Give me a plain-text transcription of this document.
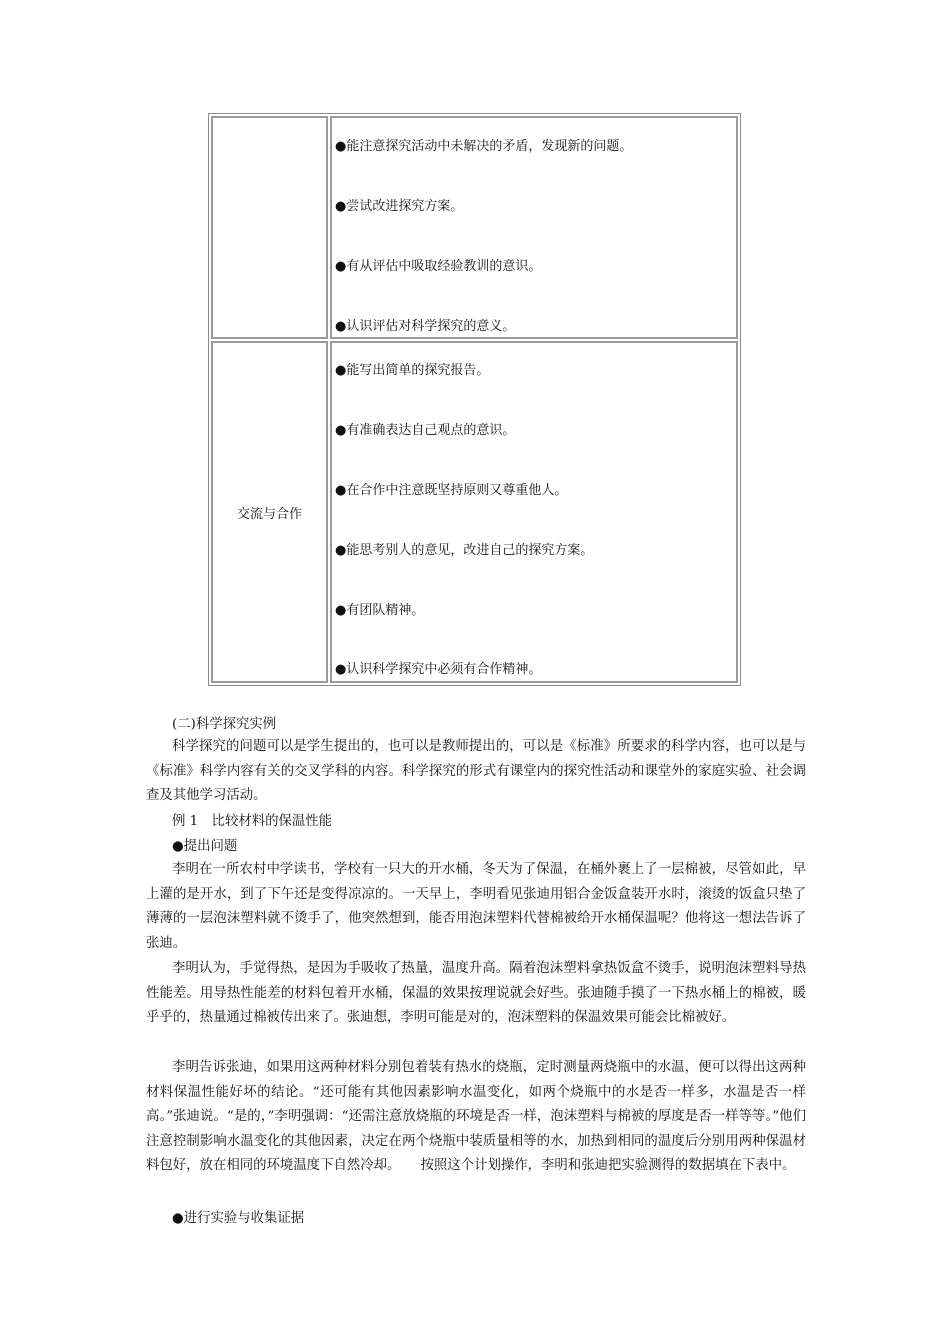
●能注意探究活动中未解决的矛盾，发现新的问题。
●尝试改进探究方案。
●有从评估中吸取经验教训的意识。
●认识评估对科学探究的意义。
交流与合作
●能写出简单的探究报告。
●有准确表达自己观点的意识。
●在合作中注意既坚持原则又尊重他人。
●能思考别人的意见，改进自己的探究方案。
●有团队精神。
●认识科学探究中必须有合作精神。
(二)科学探究实例

科学探究的问题可以是学生提出的，也可以是教师提出的，可以是《标准》所要求的科学内容，也可以是与《标准》科学内容有关的交叉学科的内容。科学探究的形式有课堂内的探究性活动和课堂外的家庭实验、社会调查及其他学习活动。

例 1　比较材料的保温性能
●提出问题

李明在一所农村中学读书，学校有一只大的开水桶，冬天为了保温，在桶外裹上了一层棉被，尽管如此，早上灌的是开水，到了下午还是变得凉凉的。一天早上，李明看见张迪用铝合金饭盒装开水时，滚烫的饭盒只垫了薄薄的一层泡沫塑料就不烫手了，他突然想到，能否用泡沫塑料代替棉被给开水桶保温呢？他将这一想法告诉了张迪。

李明认为，手觉得热，是因为手吸收了热量，温度升高。隔着泡沫塑料拿热饭盒不烫手，说明泡沫塑料导热性能差。用导热性能差的材料包着开水桶，保温的效果按理说就会好些。张迪随手摸了一下热水桶上的棉被，暖乎乎的，热量通过棉被传出来了。张迪想，李明可能是对的，泡沫塑料的保温效果可能会比棉被好。

李明告诉张迪，如果用这两种材料分别包着装有热水的烧瓶，定时测量两烧瓶中的水温，便可以得出这两种材料保温性能好坏的结论。“还可能有其他因素影响水温变化，如两个烧瓶中的水是否一样多，水温是否一样高。”张迪说。“是的，”李明强调：“还需注意放烧瓶的环境是否一样，泡沫塑料与棉被的厚度是否一样等等。”他们注意控制影响水温变化的其他因素，决定在两个烧瓶中装质量相等的水，加热到相同的温度后分别用两种保温材料包好，放在相同的环境温度下自然冷却。　　按照这个计划操作，李明和张迪把实验测得的数据填在下表中。

●进行实验与收集证据
